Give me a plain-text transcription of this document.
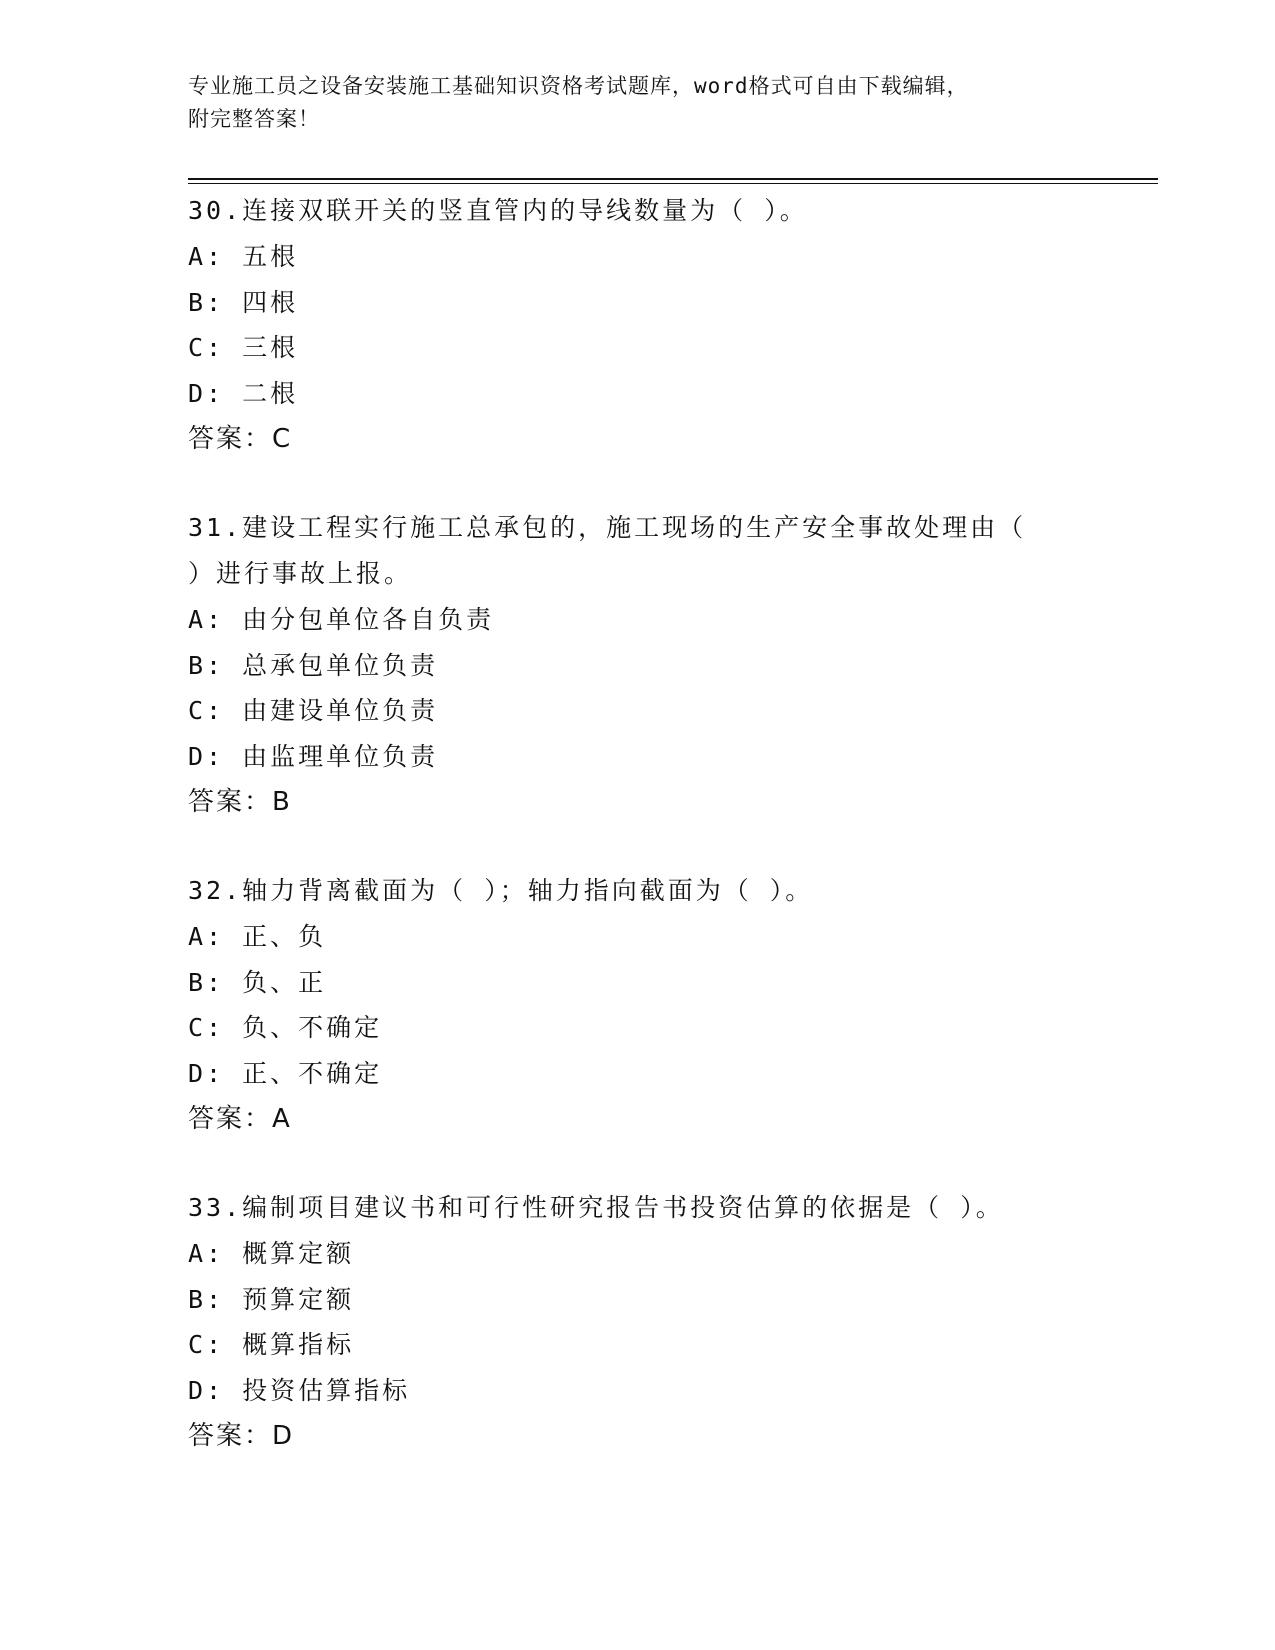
专业施工员之设备安装施工基础知识资格考试题库，word格式可自由下载编辑，
附完整答案！
30.连接双联开关的竖直管内的导线数量为（ ）。
A: 五根
B: 四根
C: 三根
D: 二根
答案：C
31.建设工程实行施工总承包的，施工现场的生产安全事故处理由（ ）进行事故上报。
A: 由分包单位各自负责
B: 总承包单位负责
C: 由建设单位负责
D: 由监理单位负责
答案：B
32.轴力背离截面为（ ）；轴力指向截面为（ ）。
A: 正、负
B: 负、正
C: 负、不确定
D: 正、不确定
答案：A
33.编制项目建议书和可行性研究报告书投资估算的依据是（ ）。
A: 概算定额
B: 预算定额
C: 概算指标
D: 投资估算指标
答案：D
